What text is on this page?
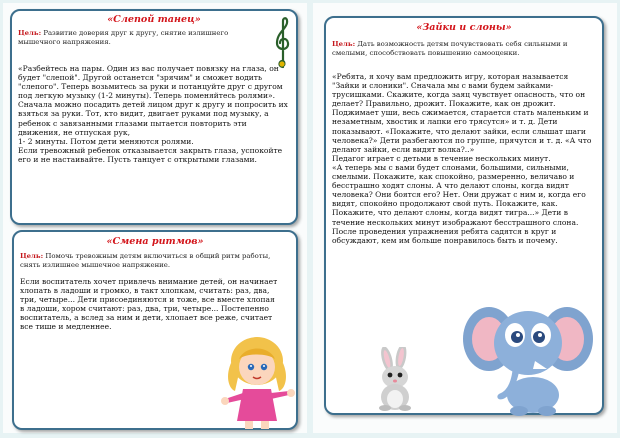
«Слепой танец»
Цель: Развитие доверия друг к другу, снятие излишнего мышечного напряжения.
«Разбейтесь на пары. Один из вас получает повязку на глаза, он будет "слепой". Другой останется "зрячим" и сможет водить "слепого". Теперь возьмитесь за руки и потанцуйте друг с другом под легкую музыку (1-2 минуты). Теперь поменяйтесь ролями».
Сначала можно посадить детей лицом друг к другу и попросить их взяться за руки. Тот, кто видит, двигает руками под музыку, а ребенок с завязанными глазами пытается повторить эти движения, не отпуская рук,
1- 2 минуты. Потом дети меняются ролями.
Если тревожный ребенок отказывается закрыть глаза, успокойте его и не настаивайте. Пусть танцует с открытыми глазами.
«Смена ритмов»
Цель: Помочь тревожным детям включиться в общий ритм работы, снять излишнее мышечное напряжение.
Если воспитатель хочет привлечь внимание детей, он начинает хлопать в ладоши и громко, в такт хлопкам, считать: раз, два, три, четыре... Дети присоединяются и тоже, все вместе хлопая в ладоши, хором считают: раз, два, три, четыре... Постепенно воспитатель, а вслед за ним и дети, хлопает все реже, считает все тише и медленнее.
«Зайки и слоны»
Цель: Дать возможность детям почувствовать себя сильными и смелыми, способствовать повышению самооценки.
«Ребята, я хочу вам предложить игру, которая называется "Зайки и слоники". Сначала мы с вами будем зайками-трусишками. Скажите, когда заяц чувствует опасность, что он делает? Правильно, дрожит. Покажите, как он дрожит. Поджимает уши, весь сжимается, старается стать маленьким и незаметным, хвостик и лапки его трясутся» и т. д. Дети показывают. «Покажите, что делают зайки, если слышат шаги человека?» Дети разбегаются по группе, прячутся и т. д. «А что делают зайки, если видят волка?..»
Педагог играет с детьми в течение нескольких минут.
«А теперь мы с вами будет слонами, большими, сильными, смелыми. Покажите, как спокойно, размеренно, величаво и бесстрашно ходят слоны. А что делают слоны, когда видят человека? Они боятся его? Нет. Они дружат с ним и, когда его видят, спокойно продолжают свой путь. Покажите, как. Покажите, что делают слоны, когда видят тигра...» Дети в течение нескольких минут изображают бесстрашного слона.
После проведения упражнения ребята садятся в круг и обсуждают, кем им больше понравилось быть и почему.
